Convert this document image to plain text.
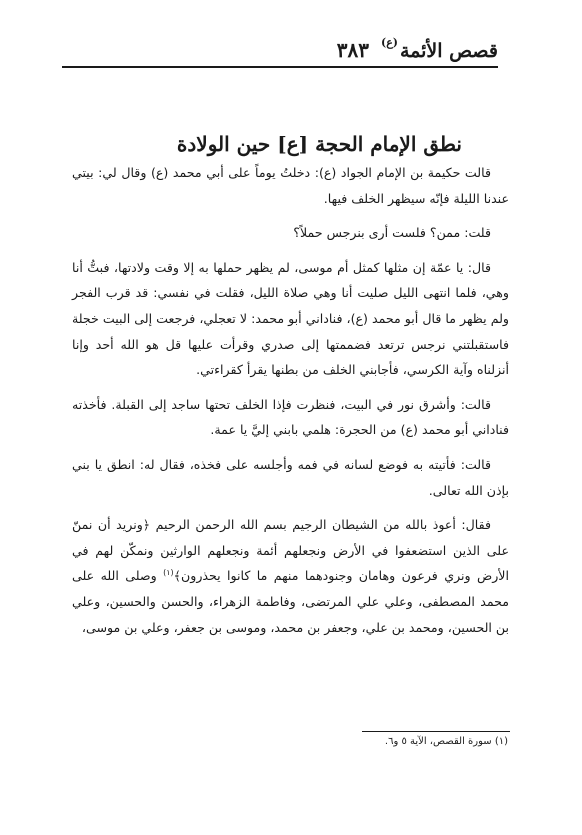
قصص الأئمة$^{(ع)}$٣٨٣
نطق الإمام الحجة [ع] حين الولادة

قالت حكيمة بن الإمام الجواد (ع): دخلتُ يوماً على أبي محمد (ع) وقال لي: بيتي عندنا الليلة فإنّه سيظهر الخلف فيها.

قلت: ممن؟ فلست أرى بنرجس حملاً؟

قال: يا عمّة إن مثلها كمثل أم موسى، لم يظهر حملها به إلا وقت ولادتها، فبتُّ أنا وهي، فلما انتهى الليل صليت أنا وهي صلاة الليل، فقلت في نفسي: قد قرب الفجر ولم يظهر ما قال أبو محمد (ع)، فناداني أبو محمد: لا تعجلي، فرجعت إلى البيت خجلة فاستقبلتني نرجس ترتعد فضممتها إلى صدري وقرأت عليها قل هو الله أحد وإنا أنزلناه وآية الكرسي، فأجابني الخلف من بطنها يقرأ كقراءتي.

قالت: وأشرق نور في البيت، فنظرت فإذا الخلف تحتها ساجد إلى القبلة. فأخذته فناداني أبو محمد (ع) من الحجرة: هلمي بابني إليَّ يا عمة.

قالت: فأتيته به فوضع لسانه في فمه وأجلسه على فخذه، فقال له: انطق يا بني بإذن الله تعالى.

فقال: أعوذ بالله من الشيطان الرجيم بسم الله الرحمن الرحيم ﴿ونريد أن نمنّ على الذين استضعفوا في الأرض ونجعلهم أئمة ونجعلهم الوارثين ونمكّن لهم في الأرض ونري فرعون وهامان وجنودهما منهم ما كانوا يحذرون﴾$^{(١)}$ وصلى الله على محمد المصطفى، وعلي علي المرتضى، وفاطمة الزهراء، والحسن والحسين، وعلي بن الحسين، ومحمد بن علي، وجعفر بن محمد، وموسى بن جعفر، وعلي بن موسى،

(١) سورة القصص، الآية ٥ و٦.
